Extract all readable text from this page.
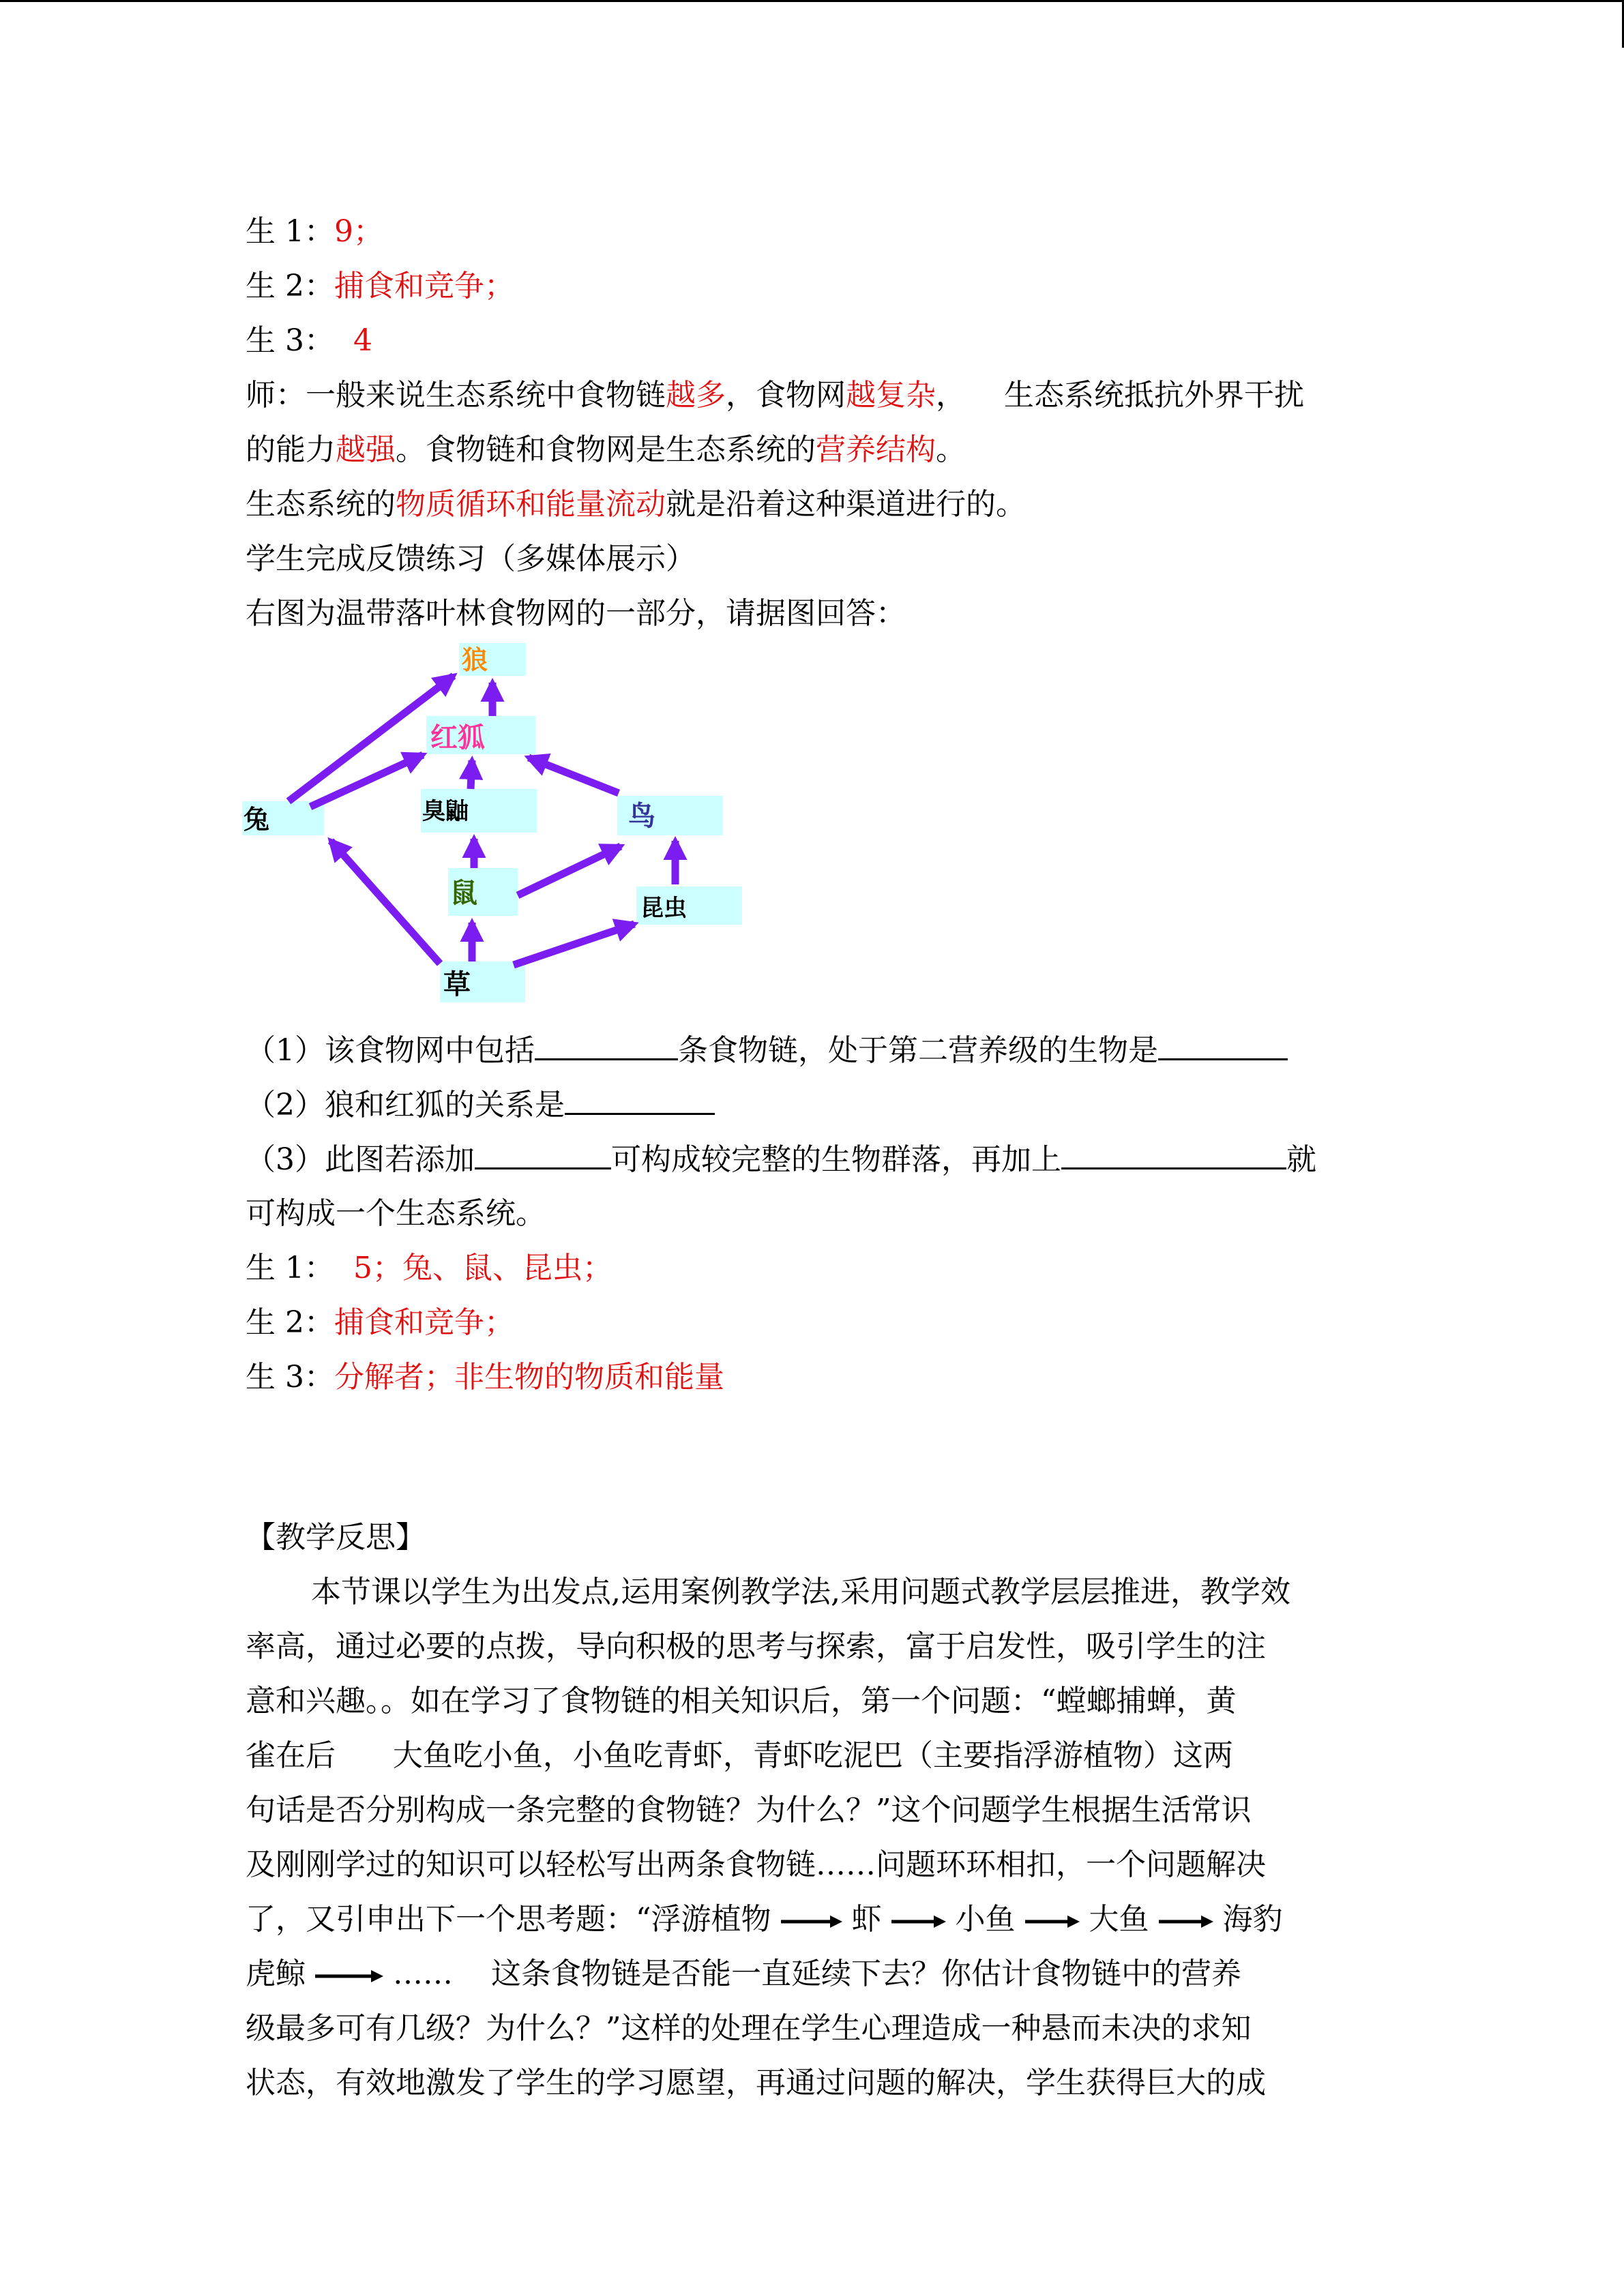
生 1：9；
生 2：捕食和竞争；
生 3：  4
师：一般来说生态系统中食物链越多，食物网越复杂，    生态系统抵抗外界干扰
的能力越强。食物链和食物网是生态系统的营养结构。
生态系统的物质循环和能量流动就是沿着这种渠道进行的。
学生完成反馈练习（多媒体展示）
右图为温带落叶林食物网的一部分，请据图回答：
（1）该食物网中包括	条食物链，处于第二营养级的生物是
（2）狼和红狐的关系是
（3）此图若添加	可构成较完整的生物群落，再加上	就
可构成一个生态系统。
生 1：  5；兔、鼠、昆虫；
生 2：捕食和竞争；
生 3：分解者；非生物的物质和能量
狼
红狐
兔	臭鼬	鸟
鼠	昆虫
草
【教学反思】
本节课以学生为出发点,运用案例教学法,采用问题式教学层层推进，教学效
率高，通过必要的点拨，导向积极的思考与探索，富于启发性，吸引学生的注
意和兴趣。。如在学习了食物链的相关知识后，第一个问题：“螳螂捕蝉，黄
雀在后      大鱼吃小鱼，小鱼吃青虾，青虾吃泥巴（主要指浮游植物）这两
句话是否分别构成一条完整的食物链？为什么？”这个问题学生根据生活常识
及刚刚学过的知识可以轻松写出两条食物链……问题环环相扣，一个问题解决
了，又引申出下一个思考题：“浮游植物	虾 小鱼 大鱼 海豹
虎鲸	……    这条食物链是否能一直延续下去？你估计食物链中的营养
级最多可有几级？为什么？”这样的处理在学生心理造成一种悬而未决的求知
状态，有效地激发了学生的学习愿望，再通过问题的解决，学生获得巨大的成
